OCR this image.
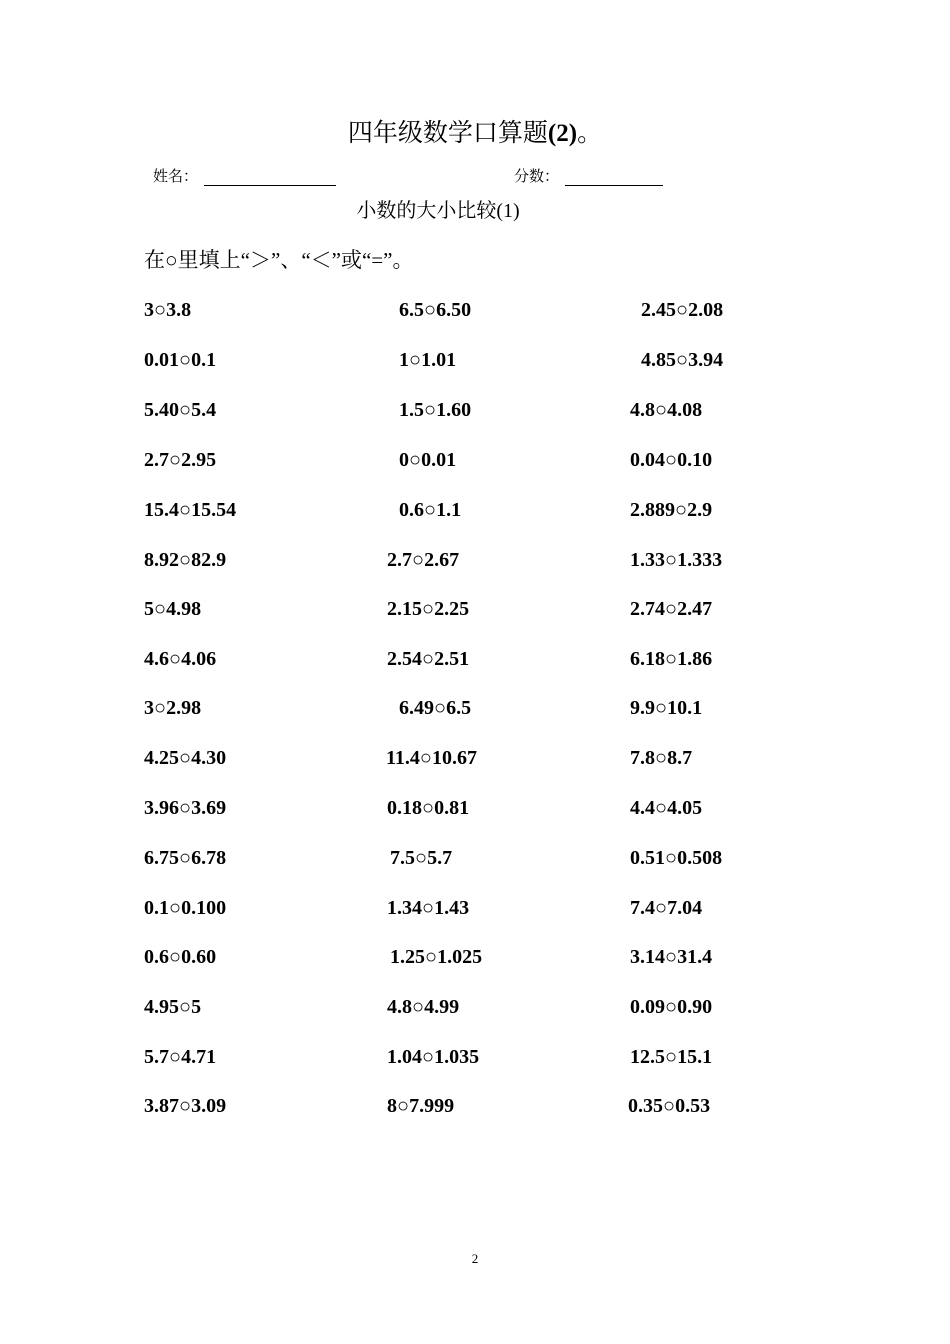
四年级数学口算题(2)。
姓名：	分数：
小数的大小比较(1)
在○里填上“＞”、“＜”或“=”。
3○3.8
0.01○0.1
5.40○5.4
2.7○2.95
15.4○15.54
8.92○82.9
5○4.98
4.6○4.06
3○2.98
4.25○4.30
3.96○3.69
6.75○6.78
0.1○0.100
0.6○0.60
4.95○5
5.7○4.71
3.87○3.09
6.5○6.50
1○1.01
1.5○1.60
0○0.01
0.6○1.1
2.7○2.67
2.15○2.25
2.54○2.51
6.49○6.5
11.4○10.67
0.18○0.81
7.5○5.7
1.34○1.43
1.25○1.025
4.8○4.99
1.04○1.035
8○7.999
2.45○2.08
4.85○3.94
4.8○4.08
0.04○0.10
2.889○2.9
1.33○1.333
2.74○2.47
6.18○1.86
9.9○10.1
7.8○8.7
4.4○4.05
0.51○0.508
7.4○7.04
3.14○31.4
0.09○0.90
12.5○15.1
0.35○0.53
2
